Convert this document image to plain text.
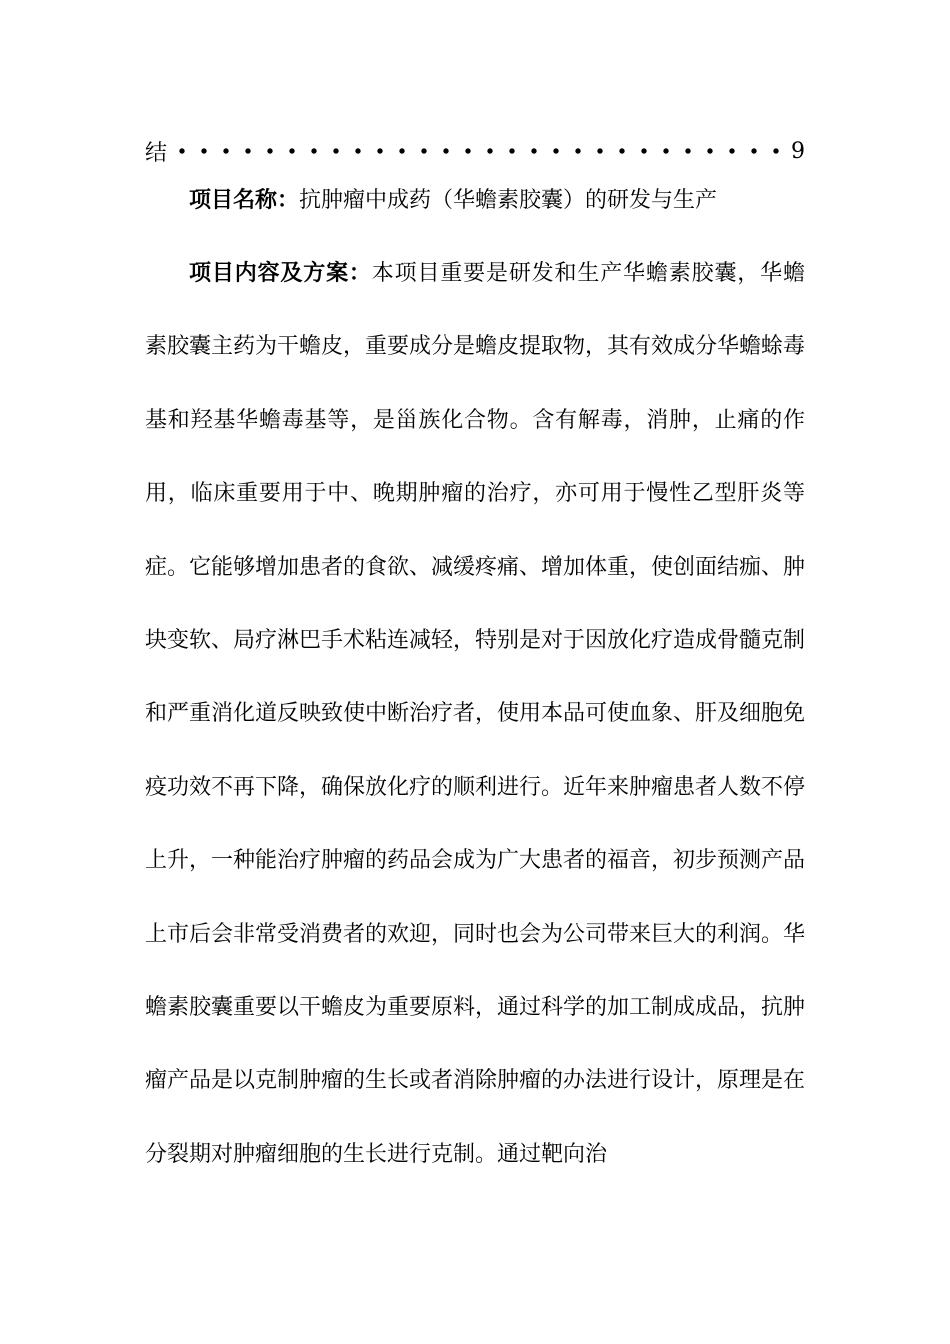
结	9

项目名称：抗肿瘤中成药（华蟾素胶囊）的研发与生产

项目内容及方案：本项目重要是研发和生产华蟾素胶囊，华蟾素胶囊主药为干蟾皮，重要成分是蟾皮提取物，其有效成分华蟾蜍毒基和羟基华蟾毒基等，是甾族化合物。含有解毒，消肿，止痛的作用，临床重要用于中、晚期肿瘤的治疗，亦可用于慢性乙型肝炎等症。它能够增加患者的食欲、减缓疼痛、增加体重，使创面结痂、肿块变软、局疗淋巴手术粘连减轻，特别是对于因放化疗造成骨髓克制和严重消化道反映致使中断治疗者，使用本品可使血象、肝及细胞免疫功效不再下降，确保放化疗的顺利进行。近年来肿瘤患者人数不停上升，一种能治疗肿瘤的药品会成为广大患者的福音，初步预测产品上市后会非常受消费者的欢迎，同时也会为公司带来巨大的利润。华蟾素胶囊重要以干蟾皮为重要原料，通过科学的加工制成成品，抗肿瘤产品是以克制肿瘤的生长或者消除肿瘤的办法进行设计，原理是在分裂期对肿瘤细胞的生长进行克制。通过靶向治
